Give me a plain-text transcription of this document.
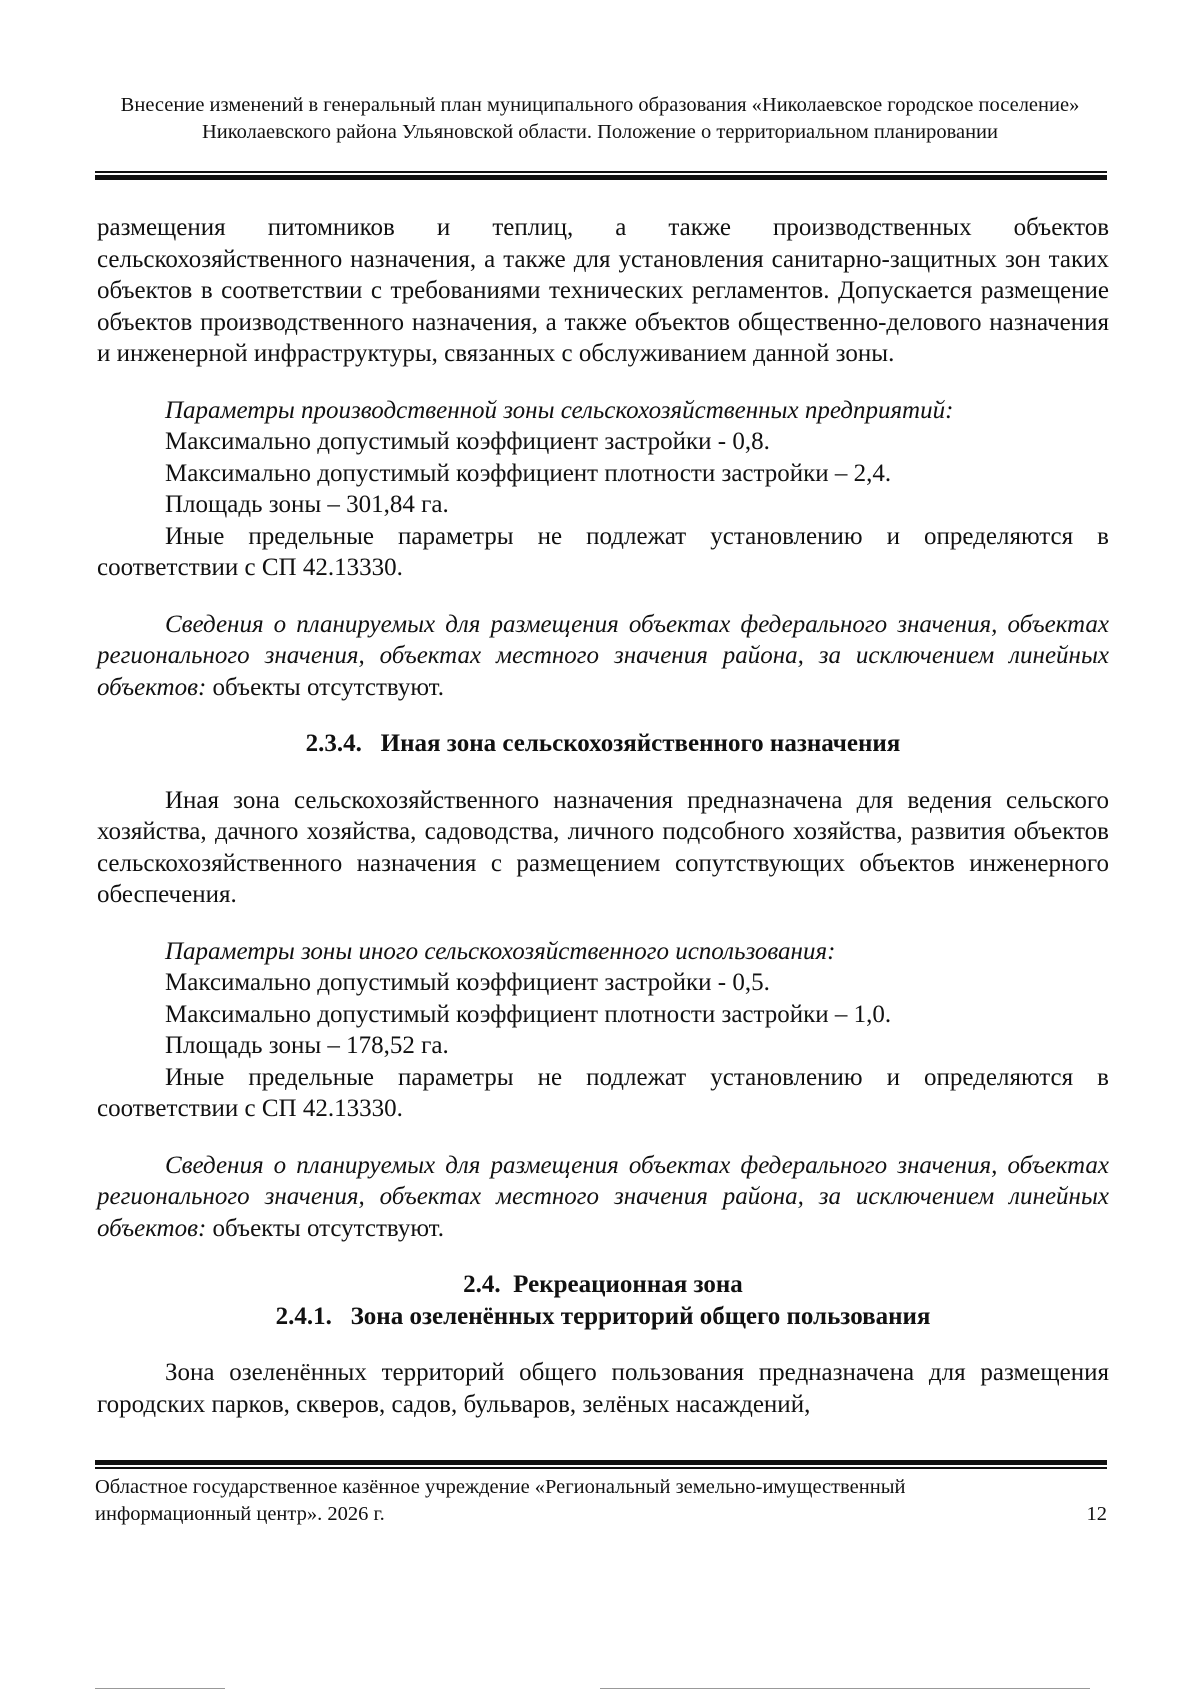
Внесение изменений в генеральный план муниципального образования «Николаевское городское поселение» Николаевского района Ульяновской области. Положение о территориальном планировании

размещения питомников и теплиц, а также производственных объектов сельскохозяйственного назначения, а также для установления санитарно-защитных зон таких объектов в соответствии с требованиями технических регламентов. Допускается размещение объектов производственного назначения, а также объектов общественно-делового назначения и инженерной инфраструктуры, связанных с обслуживанием данной зоны.

Параметры производственной зоны сельскохозяйственных предприятий:

Максимально допустимый коэффициент застройки - 0,8.

Максимально допустимый коэффициент плотности застройки – 2,4.

Площадь зоны – 301,84 га.

Иные предельные параметры не подлежат установлению и определяются в соответствии с СП 42.13330.

Сведения о планируемых для размещения объектах федерального значения, объектах регионального значения, объектах местного значения района, за исключением линейных объектов: объекты отсутствуют.

2.3.4.   Иная зона сельскохозяйственного назначения

Иная зона сельскохозяйственного назначения предназначена для ведения сельского хозяйства, дачного хозяйства, садоводства, личного подсобного хозяйства, развития объектов сельскохозяйственного назначения с размещением сопутствующих объектов инженерного обеспечения.

Параметры зоны иного сельскохозяйственного использования:

Максимально допустимый коэффициент застройки - 0,5.

Максимально допустимый коэффициент плотности застройки – 1,0.

Площадь зоны – 178,52 га.

Иные предельные параметры не подлежат установлению и определяются в соответствии с СП 42.13330.

Сведения о планируемых для размещения объектах федерального значения, объектах регионального значения, объектах местного значения района, за исключением линейных объектов: объекты отсутствуют.

2.4.  Рекреационная зона

2.4.1.   Зона озеленённых территорий общего пользования

Зона озеленённых территорий общего пользования предназначена для размещения городских парков, скверов, садов, бульваров, зелёных насаждений,

Областное государственное казённое учреждение «Региональный земельно-имущественный информационный центр». 2026 г.	12
